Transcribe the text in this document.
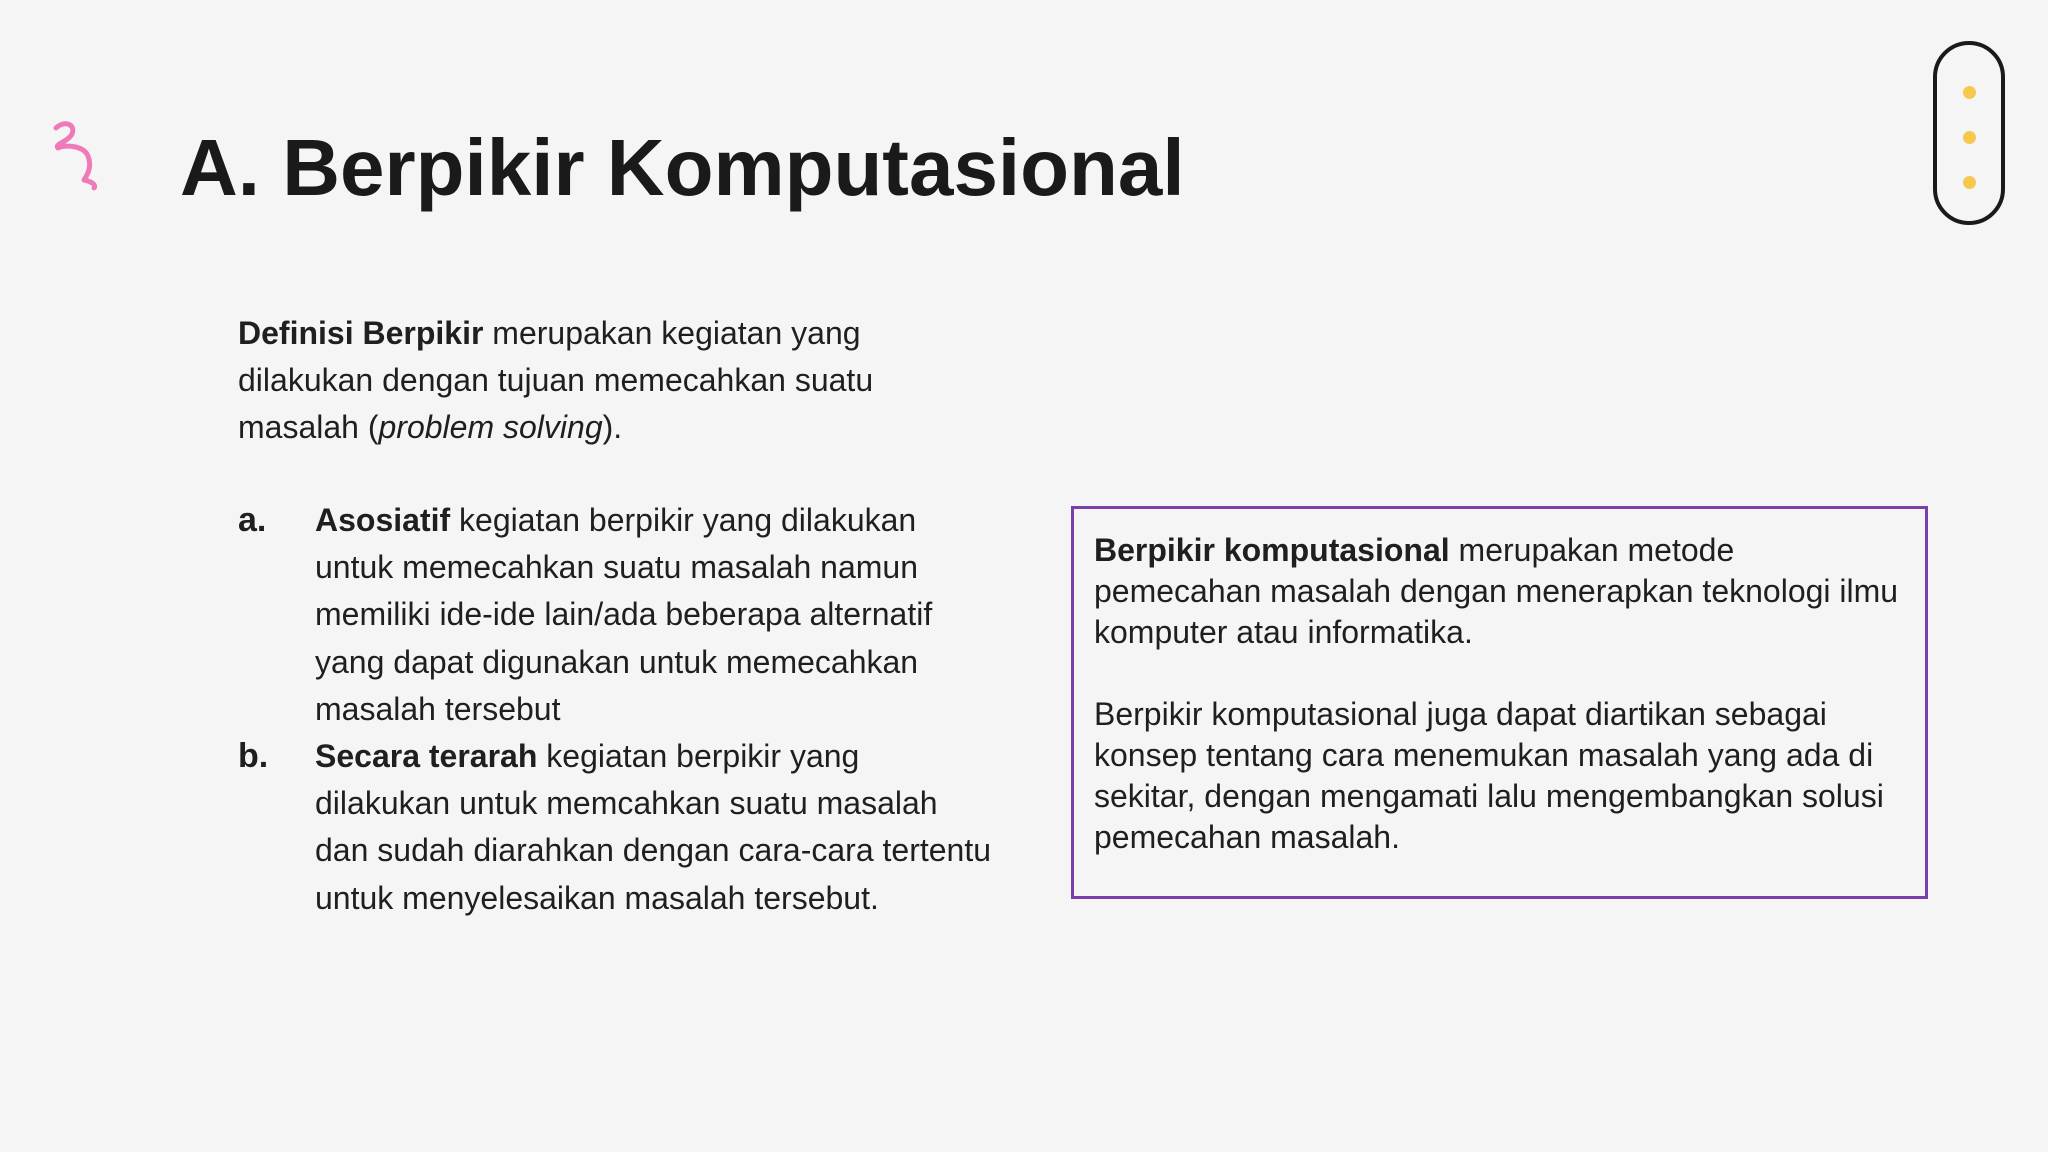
A. Berpikir Komputasional

Definisi Berpikir merupakan kegiatan yang dilakukan dengan tujuan memecahkan suatu masalah (problem solving).

a. Asosiatif kegiatan berpikir yang dilakukan untuk memecahkan suatu masalah namun memiliki ide-ide lain/ada beberapa alternatif yang dapat digunakan untuk memecahkan masalah tersebut
b. Secara terarah kegiatan berpikir yang dilakukan untuk memcahkan suatu masalah dan sudah diarahkan dengan cara-cara tertentu untuk menyelesaikan masalah tersebut.

Berpikir komputasional merupakan metode pemecahan masalah dengan menerapkan teknologi ilmu komputer atau informatika.

Berpikir komputasional juga dapat diartikan sebagai konsep tentang cara menemukan masalah yang ada di sekitar, dengan mengamati lalu mengembangkan solusi pemecahan masalah.
